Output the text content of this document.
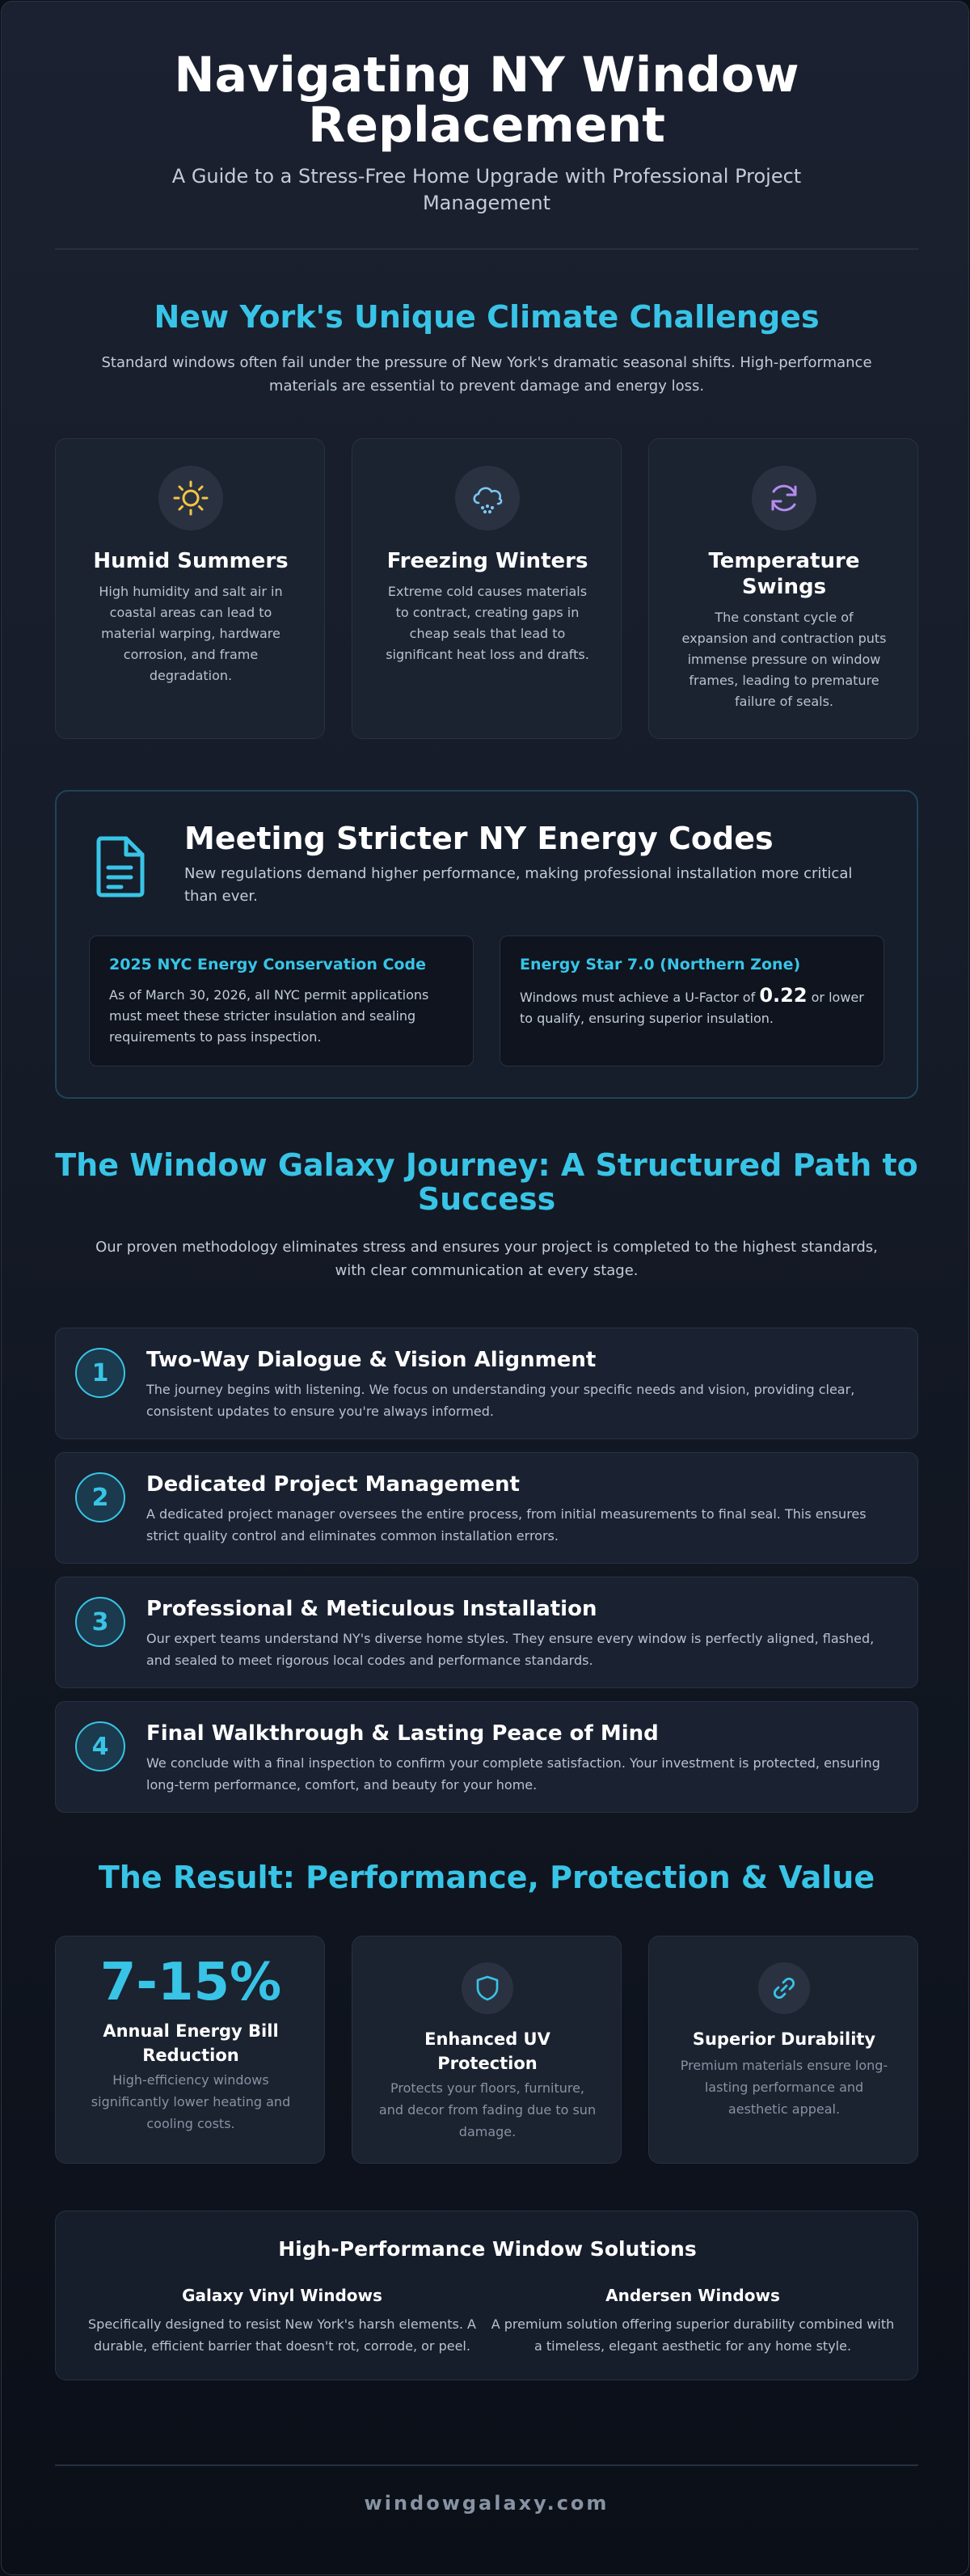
Navigating NY Window Replacement

A Guide to a Stress-Free Home Upgrade with Professional Project Management

New York's Unique Climate Challenges

Standard windows often fail under the pressure of New York's dramatic seasonal shifts. High-performance materials are essential to prevent damage and energy loss.

Humid Summers
High humidity and salt air in coastal areas can lead to material warping, hardware corrosion, and frame degradation.
Freezing Winters
Extreme cold causes materials to contract, creating gaps in cheap seals that lead to significant heat loss and drafts.
Temperature Swings
The constant cycle of expansion and contraction puts immense pressure on window frames, leading to premature failure of seals.
Meeting Stricter NY Energy Codes
New regulations demand higher performance, making professional installation more critical than ever.
2025 NYC Energy Conservation Code
As of March 30, 2026, all NYC permit applications must meet these stricter insulation and sealing requirements to pass inspection.
Energy Star 7.0 (Northern Zone)
Windows must achieve a U-Factor of 0.22 or lower to qualify, ensuring superior insulation.
The Window Galaxy Journey: A Structured Path to Success

Our proven methodology eliminates stress and ensures your project is completed to the highest standards, with clear communication at every stage.

1	Two-Way Dialogue & Vision Alignment
The journey begins with listening. We focus on understanding your specific needs and vision, providing clear, consistent updates to ensure you're always informed.
2	Dedicated Project Management
A dedicated project manager oversees the entire process, from initial measurements to final seal. This ensures strict quality control and eliminates common installation errors.
3	Professional & Meticulous Installation
Our expert teams understand NY's diverse home styles. They ensure every window is perfectly aligned, flashed, and sealed to meet rigorous local codes and performance standards.
4	Final Walkthrough & Lasting Peace of Mind
We conclude with a final inspection to confirm your complete satisfaction. Your investment is protected, ensuring long-term performance, comfort, and beauty for your home.
The Result: Performance, Protection & Value
7-15%
Annual Energy Bill Reduction
High-efficiency windows significantly lower heating and cooling costs.
Enhanced UV Protection
Protects your floors, furniture, and decor from fading due to sun damage.
Superior Durability
Premium materials ensure long-lasting performance and aesthetic appeal.
High-Performance Window Solutions
Galaxy Vinyl Windows
Specifically designed to resist New York's harsh elements. A durable, efficient barrier that doesn't rot, corrode, or peel.
Andersen Windows
A premium solution offering superior durability combined with a timeless, elegant aesthetic for any home style.
windowgalaxy.com
